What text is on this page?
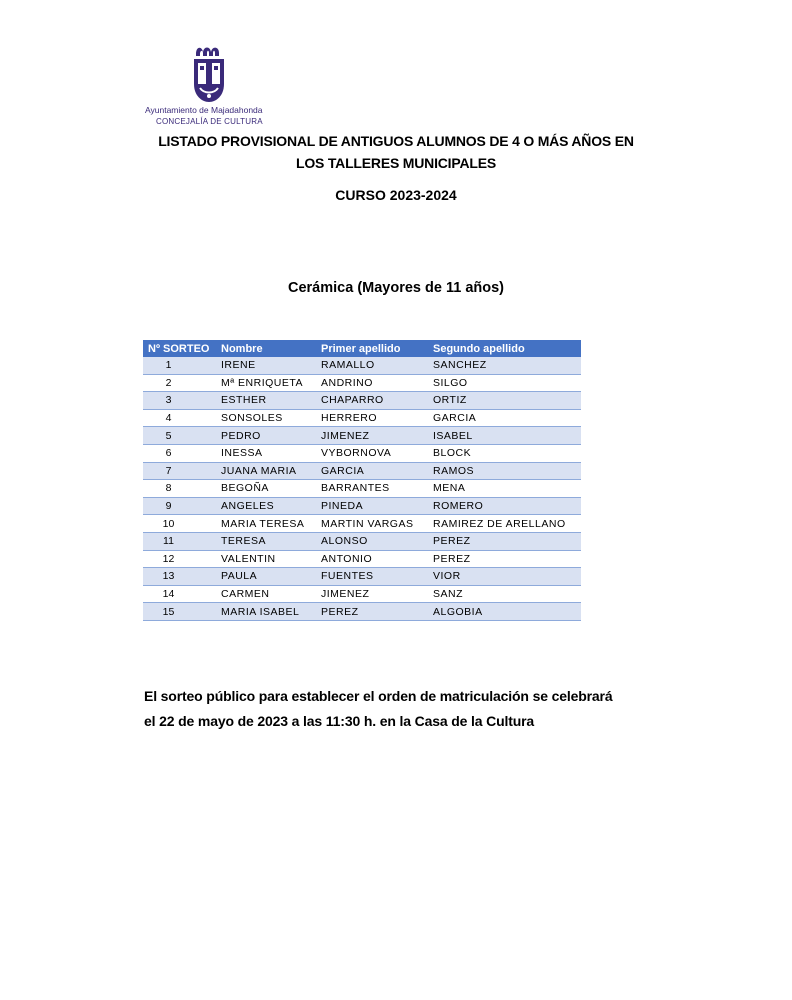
Ayuntamiento de Majadahonda
CONCEJALÍA DE CULTURA
LISTADO PROVISIONAL DE ANTIGUOS ALUMNOS DE 4 O MÁS AÑOS EN
LOS TALLERES MUNICIPALES
CURSO 2023-2024
Cerámica (Mayores de 11 años)
Nº SORTEO	Nombre	Primer apellido	Segundo apellido
1	IRENE	RAMALLO	SANCHEZ
2	Mª ENRIQUETA	ANDRINO	SILGO
3	ESTHER	CHAPARRO	ORTIZ
4	SONSOLES	HERRERO	GARCIA
5	PEDRO	JIMENEZ	ISABEL
6	INESSA	VYBORNOVA	BLOCK
7	JUANA MARIA	GARCIA	RAMOS
8	BEGOÑA	BARRANTES	MENA
9	ANGELES	PINEDA	ROMERO
10	MARIA TERESA	MARTIN VARGAS	RAMIREZ DE ARELLANO
11	TERESA	ALONSO	PEREZ
12	VALENTIN	ANTONIO	PEREZ
13	PAULA	FUENTES	VIOR
14	CARMEN	JIMENEZ	SANZ
15	MARIA ISABEL	PEREZ	ALGOBIA
El sorteo público para establecer el orden de matriculación se celebrará
el 22 de mayo de 2023 a las 11:30 h. en la Casa de la Cultura
